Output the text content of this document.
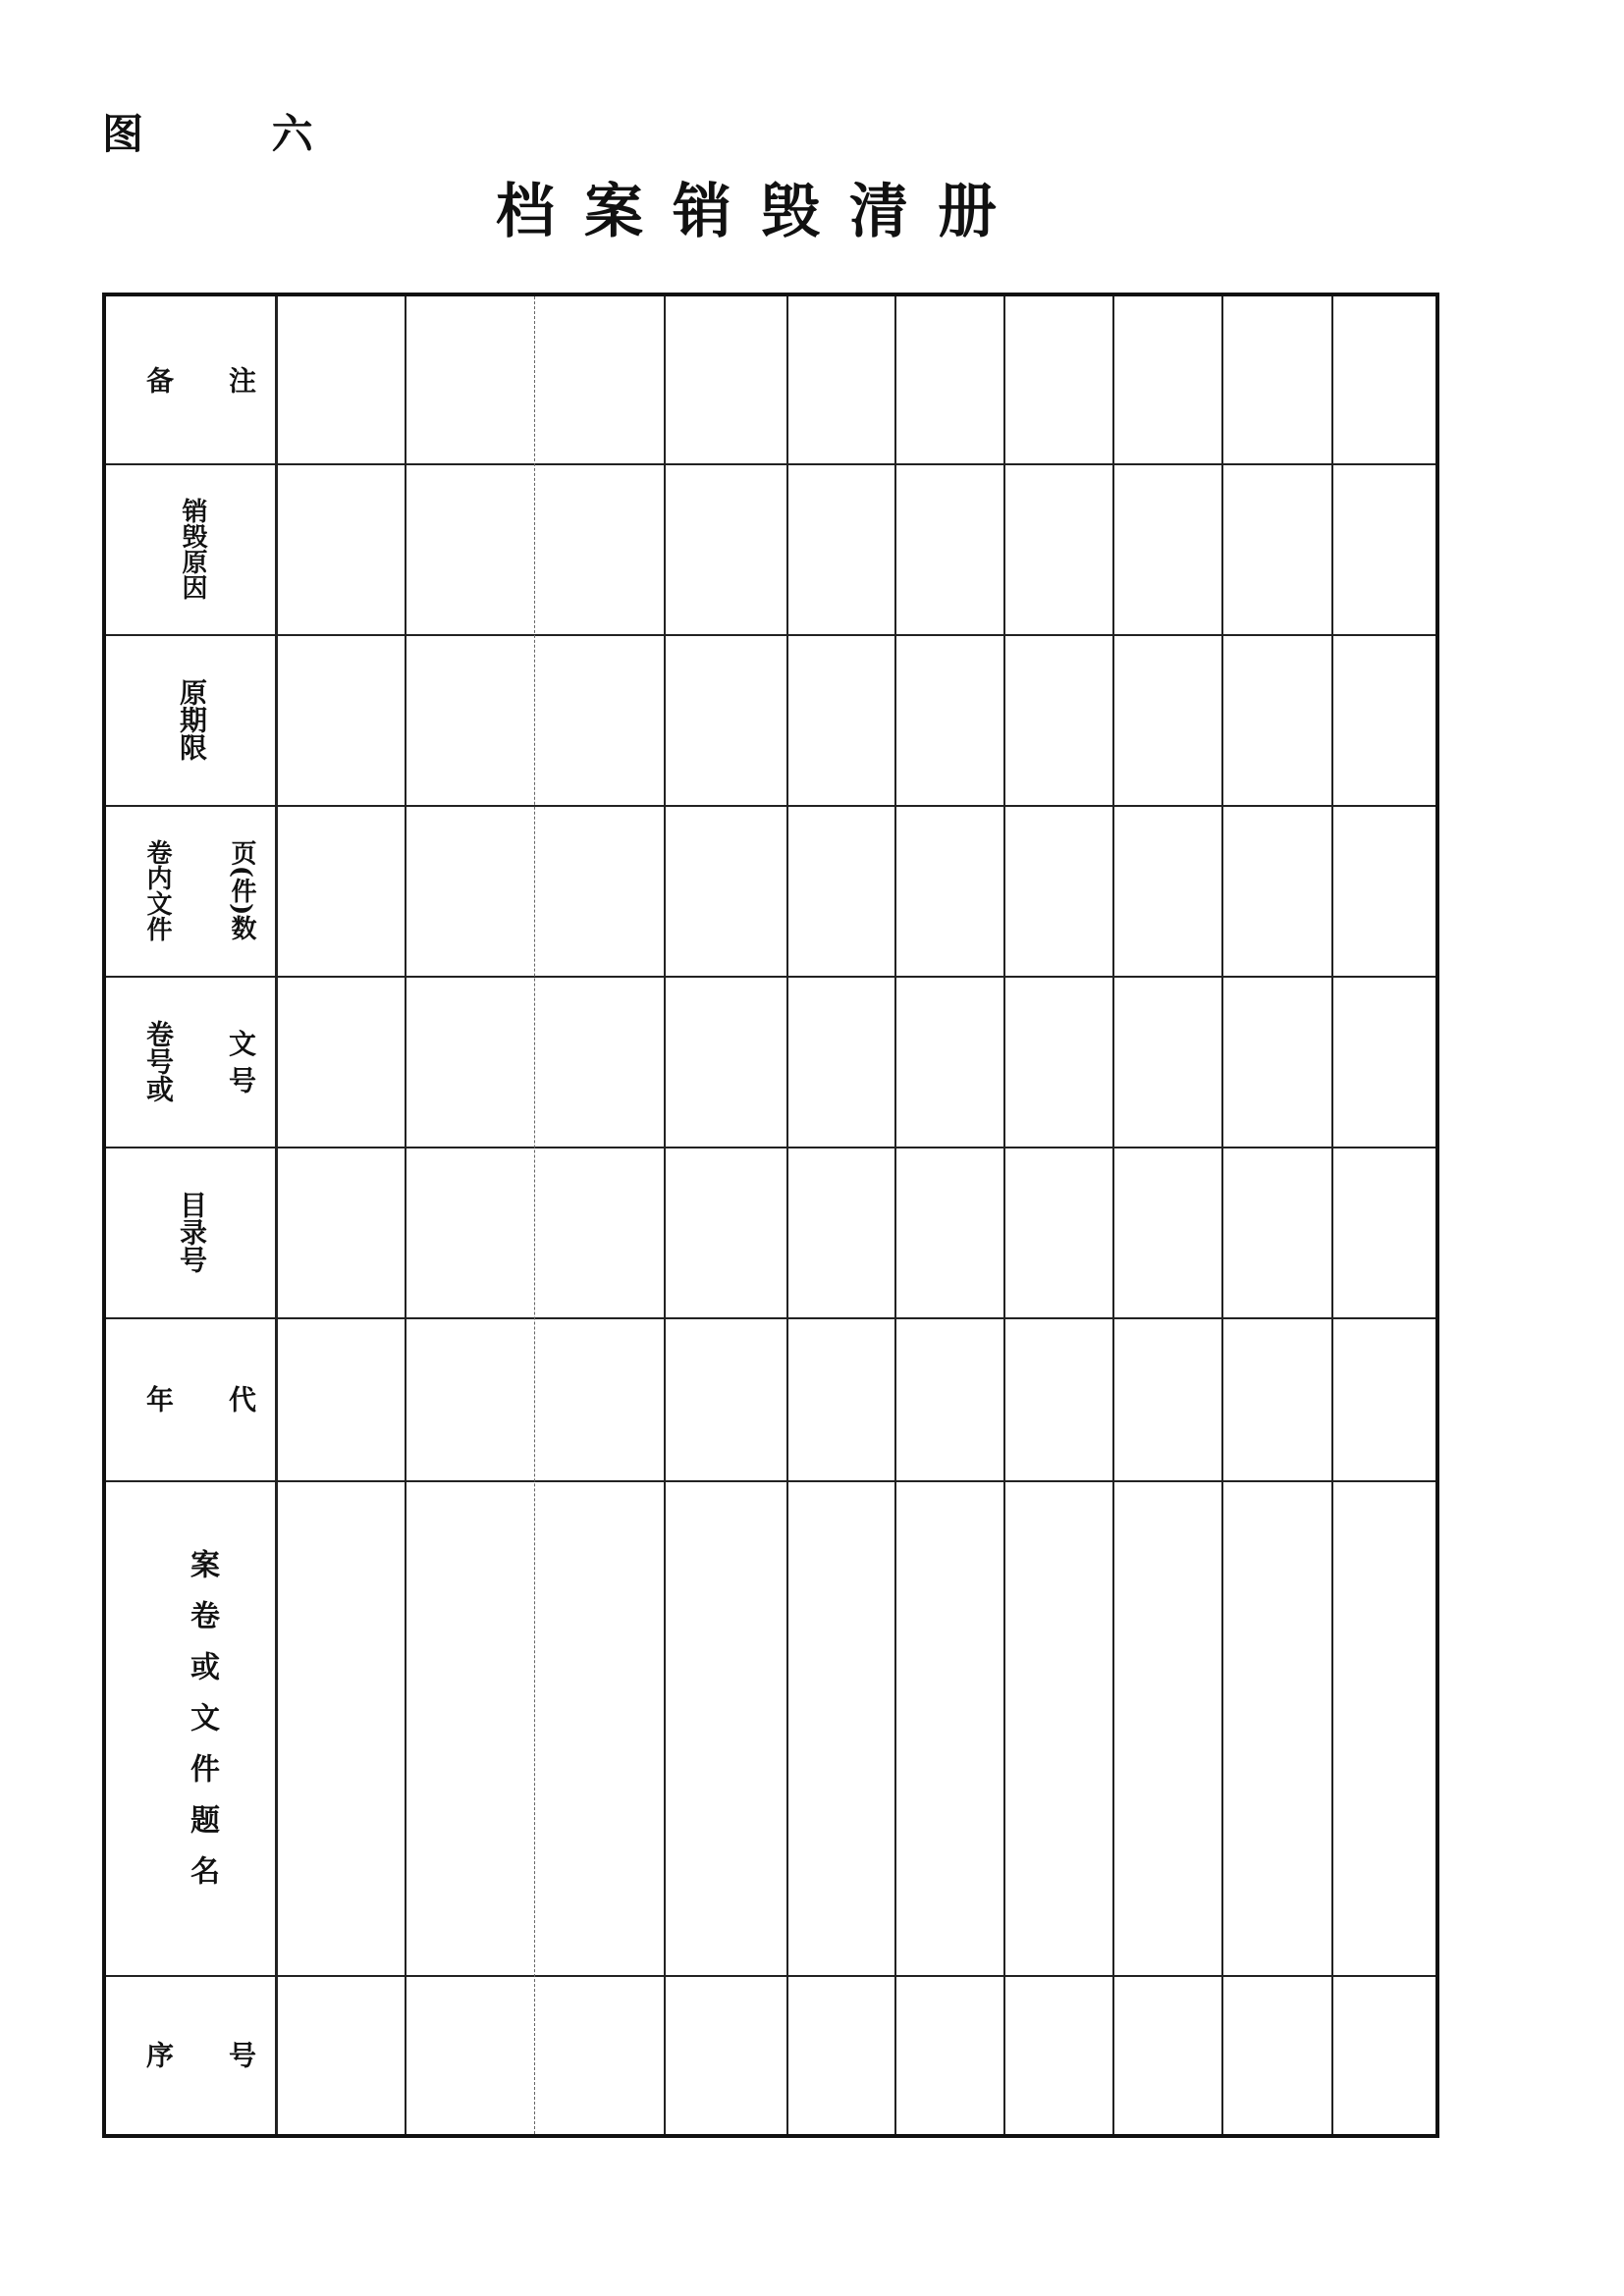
图 六
档案销毁清册
备 注
销毁原因
原期限
卷内文件 页(件)数
卷号或 文 号
目录号
年 代
案卷或文件题名
序 号
